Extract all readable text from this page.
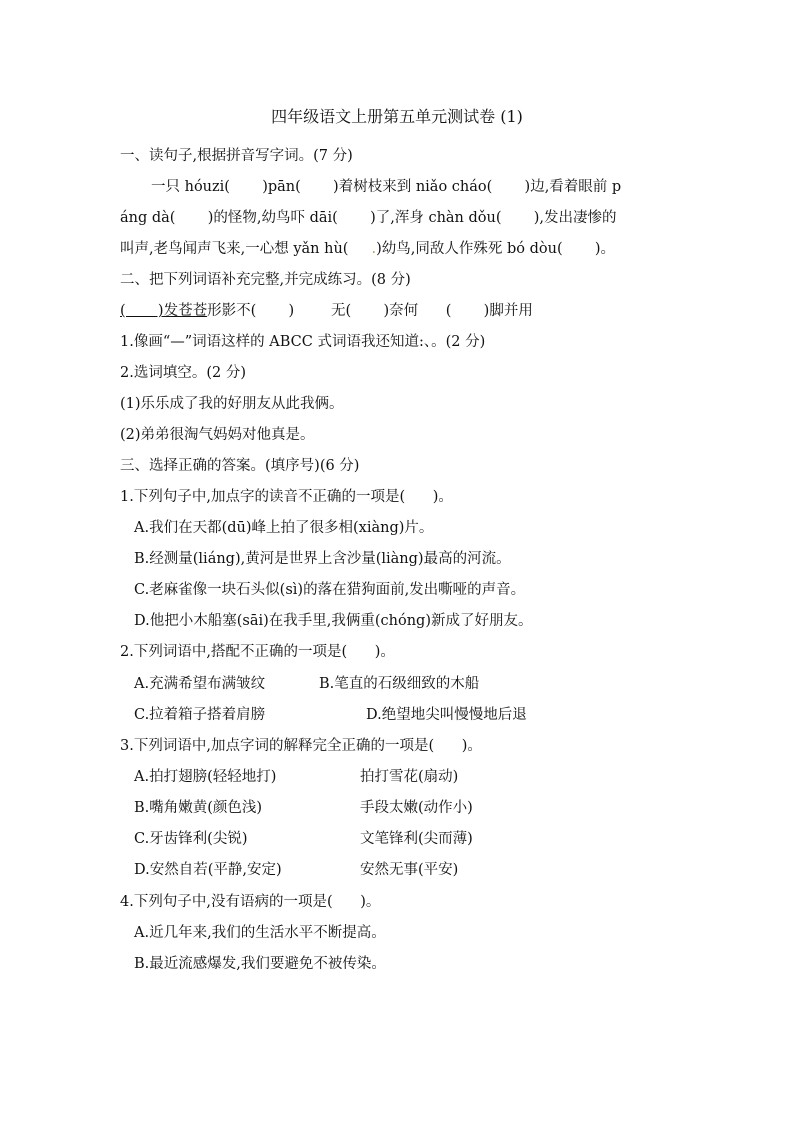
四年级语文上册第五单元测试卷 (1)
一、读句子,根据拼音写字词。(7 分)
一只 hóuzi(       )pān(       )着树枝来到 niǎo cháo(       )边,看着眼前 p
áng dà(       )的怪物,幼鸟吓 dāi(       )了,浑身 chàn dǒu(       ),发出凄惨的
叫声,老鸟闻声飞来,一心想 yǎn hù(     .)幼鸟,同敌人作殊死 bó dòu(       )。
二、把下列词语补充完整,并完成练习。(8 分)
(       )发苍苍形影不(       )        无(       )奈何      (       )脚并用
1.像画“—”词语这样的 ABCC 式词语我还知道:、。(2 分)
2.选词填空。(2 分)
(1)乐乐成了我的好朋友从此我俩。
(2)弟弟很淘气妈妈对他真是。
三、选择正确的答案。(填序号)(6 分)
1.下列句子中,加点字的读音不正确的一项是(      )。
A.我们在天都(dū)峰上拍了很多相(xiàng)片。
B.经测量(liáng),黄河是世界上含沙量(liàng)最高的河流。
C.老麻雀像一块石头似(sì)的落在猎狗面前,发出嘶哑的声音。
D.他把小木船塞(sāi)在我手里,我俩重(chóng)新成了好朋友。
2.下列词语中,搭配不正确的一项是(      )。
A.充满希望布满皱纹	B.笔直的石级细致的木船
C.拉着箱子搭着肩膀	D.绝望地尖叫慢慢地后退
3.下列词语中,加点字词的解释完全正确的一项是(      )。
A.拍打翅膀(轻轻地打)	拍打雪花(扇动)
B.嘴角嫩黄(颜色浅)	手段太嫩(动作小)
C.牙齿锋利(尖锐)	文笔锋利(尖而薄)
D.安然自若(平静,安定)	安然无事(平安)
4.下列句子中,没有语病的一项是(      )。
A.近几年来,我们的生活水平不断提高。
B.最近流感爆发,我们要避免不被传染。
